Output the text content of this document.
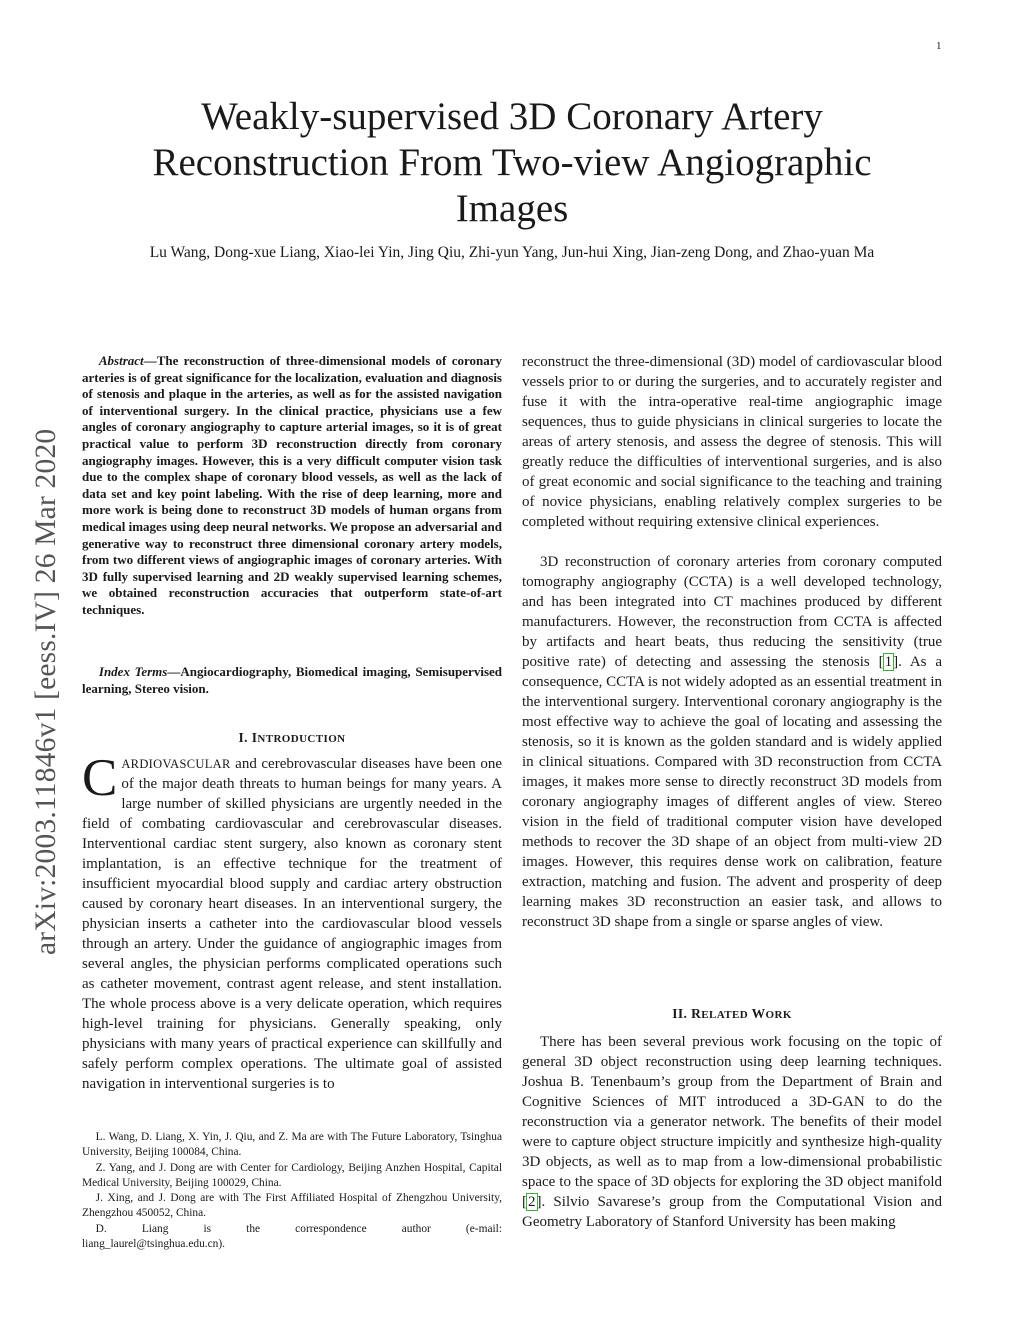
1
arXiv:2003.11846v1 [eess.IV] 26 Mar 2020
Weakly-supervised 3D Coronary Artery Reconstruction From Two-view Angiographic Images
Lu Wang, Dong-xue Liang, Xiao-lei Yin, Jing Qiu, Zhi-yun Yang, Jun-hui Xing, Jian-zeng Dong, and Zhao-yuan Ma

Abstract—The reconstruction of three-dimensional models of coronary arteries is of great significance for the localization, evaluation and diagnosis of stenosis and plaque in the arteries, as well as for the assisted navigation of interventional surgery. In the clinical practice, physicians use a few angles of coronary angiography to capture arterial images, so it is of great practical value to perform 3D reconstruction directly from coronary angiography images. However, this is a very difficult computer vision task due to the complex shape of coronary blood vessels, as well as the lack of data set and key point labeling. With the rise of deep learning, more and more work is being done to reconstruct 3D models of human organs from medical images using deep neural networks. We propose an adversarial and generative way to reconstruct three dimensional coronary artery models, from two different views of angiographic images of coronary arteries. With 3D fully supervised learning and 2D weakly supervised learning schemes, we obtained reconstruction accuracies that outperform state-of-art techniques.

Index Terms—Angiocardiography, Biomedical imaging, Semisupervised learning, Stereo vision.

I. INTRODUCTION

CARDIOVASCULAR and cerebrovascular diseases have been one of the major death threats to human beings for many years. A large number of skilled physicians are urgently needed in the field of combating cardiovascular and cerebrovascular diseases. Interventional cardiac stent surgery, also known as coronary stent implantation, is an effective technique for the treatment of insufficient myocardial blood supply and cardiac artery obstruction caused by coronary heart diseases. In an interventional surgery, the physician inserts a catheter into the cardiovascular blood vessels through an artery. Under the guidance of angiographic images from several angles, the physician performs complicated operations such as catheter movement, contrast agent release, and stent installation. The whole process above is a very delicate operation, which requires high-level training for physicians. Generally speaking, only physicians with many years of practical experience can skillfully and safely perform complex operations. The ultimate goal of assisted navigation in interventional surgeries is to

L. Wang, D. Liang, X. Yin, J. Qiu, and Z. Ma are with The Future Laboratory, Tsinghua University, Beijing 100084, China.

Z. Yang, and J. Dong are with Center for Cardiology, Beijing Anzhen Hospital, Capital Medical University, Beijing 100029, China.

J. Xing, and J. Dong are with The First Affiliated Hospital of Zhengzhou University, Zhengzhou 450052, China.

D. Liang is the correspondence author (e-mail:

liang_laurel@tsinghua.edu.cn).

reconstruct the three-dimensional (3D) model of cardiovascular blood vessels prior to or during the surgeries, and to accurately register and fuse it with the intra-operative real-time angiographic image sequences, thus to guide physicians in clinical surgeries to locate the areas of artery stenosis, and assess the degree of stenosis. This will greatly reduce the difficulties of interventional surgeries, and is also of great economic and social significance to the teaching and training of novice physicians, enabling relatively complex surgeries to be completed without requiring extensive clinical experiences.

3D reconstruction of coronary arteries from coronary computed tomography angiography (CCTA) is a well developed technology, and has been integrated into CT machines produced by different manufacturers. However, the reconstruction from CCTA is affected by artifacts and heart beats, thus reducing the sensitivity (true positive rate) of detecting and assessing the stenosis [1]. As a consequence, CCTA is not widely adopted as an essential treatment in the interventional surgery. Interventional coronary angiography is the most effective way to achieve the goal of locating and assessing the stenosis, so it is known as the golden standard and is widely applied in clinical situations. Compared with 3D reconstruction from CCTA images, it makes more sense to directly reconstruct 3D models from coronary angiography images of different angles of view. Stereo vision in the field of traditional computer vision have developed methods to recover the 3D shape of an object from multi-view 2D images. However, this requires dense work on calibration, feature extraction, matching and fusion. The advent and prosperity of deep learning makes 3D reconstruction an easier task, and allows to reconstruct 3D shape from a single or sparse angles of view.

II. RELATED WORK

There has been several previous work focusing on the topic of general 3D object reconstruction using deep learning techniques. Joshua B. Tenenbaum’s group from the Department of Brain and Cognitive Sciences of MIT introduced a 3D-GAN to do the reconstruction via a generator network. The benefits of their model were to capture object structure impicitly and synthesize high-quality 3D objects, as well as to map from a low-dimensional probabilistic space to the space of 3D objects for exploring the 3D object manifold [2]. Silvio Savarese’s group from the Computational Vision and Geometry Laboratory of Stanford University has been making
